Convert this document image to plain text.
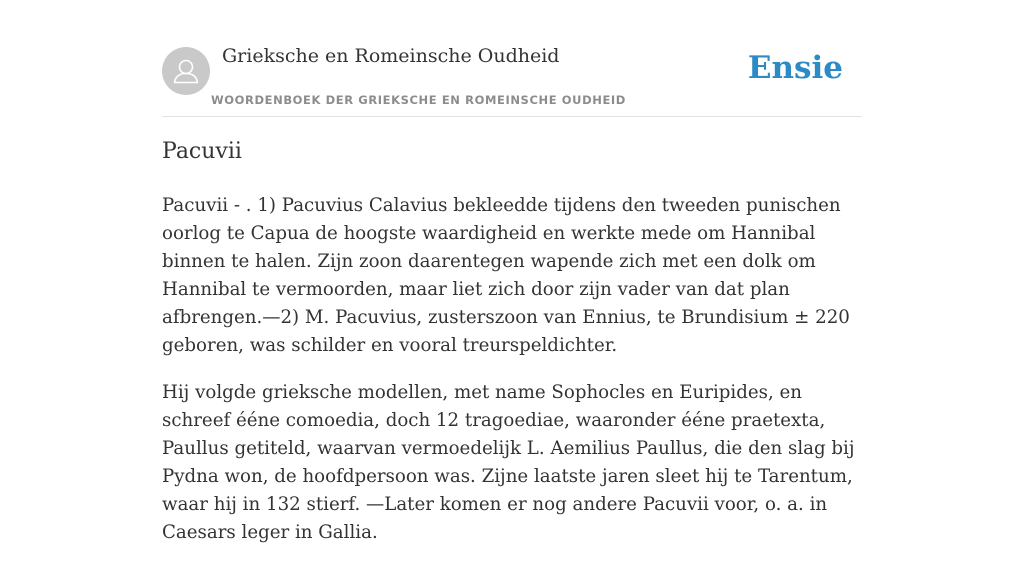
Grieksche en Romeinsche Oudheid
WOORDENBOEK DER GRIEKSCHE EN ROMEINSCHE OUDHEID
Ensie
Pacuvii

Pacuvii - . 1) Pacuvius Calavius bekleedde tijdens den tweeden punischen oorlog te Capua de hoogste waardigheid en werkte mede om Hannibal binnen te halen. Zijn zoon daarentegen wapende zich met een dolk om Hannibal te vermoorden, maar liet zich door zijn vader van dat plan afbrengen.—2) M. Pacuvius, zusterszoon van Ennius, te Brundisium ± 220 geboren, was schilder en vooral treurspeldichter.

Hij volgde grieksche modellen, met name Sophocles en Euripides, en schreef ééne comoedia, doch 12 tragoediae, waaronder ééne praetexta, Paullus getiteld, waarvan vermoedelijk L. Aemilius Paullus, die den slag bij Pydna won, de hoofdpersoon was. Zijne laatste jaren sleet hij te Tarentum, waar hij in 132 stierf. —Later komen er nog andere Pacuvii voor, o. a. in Caesars leger in Gallia.
